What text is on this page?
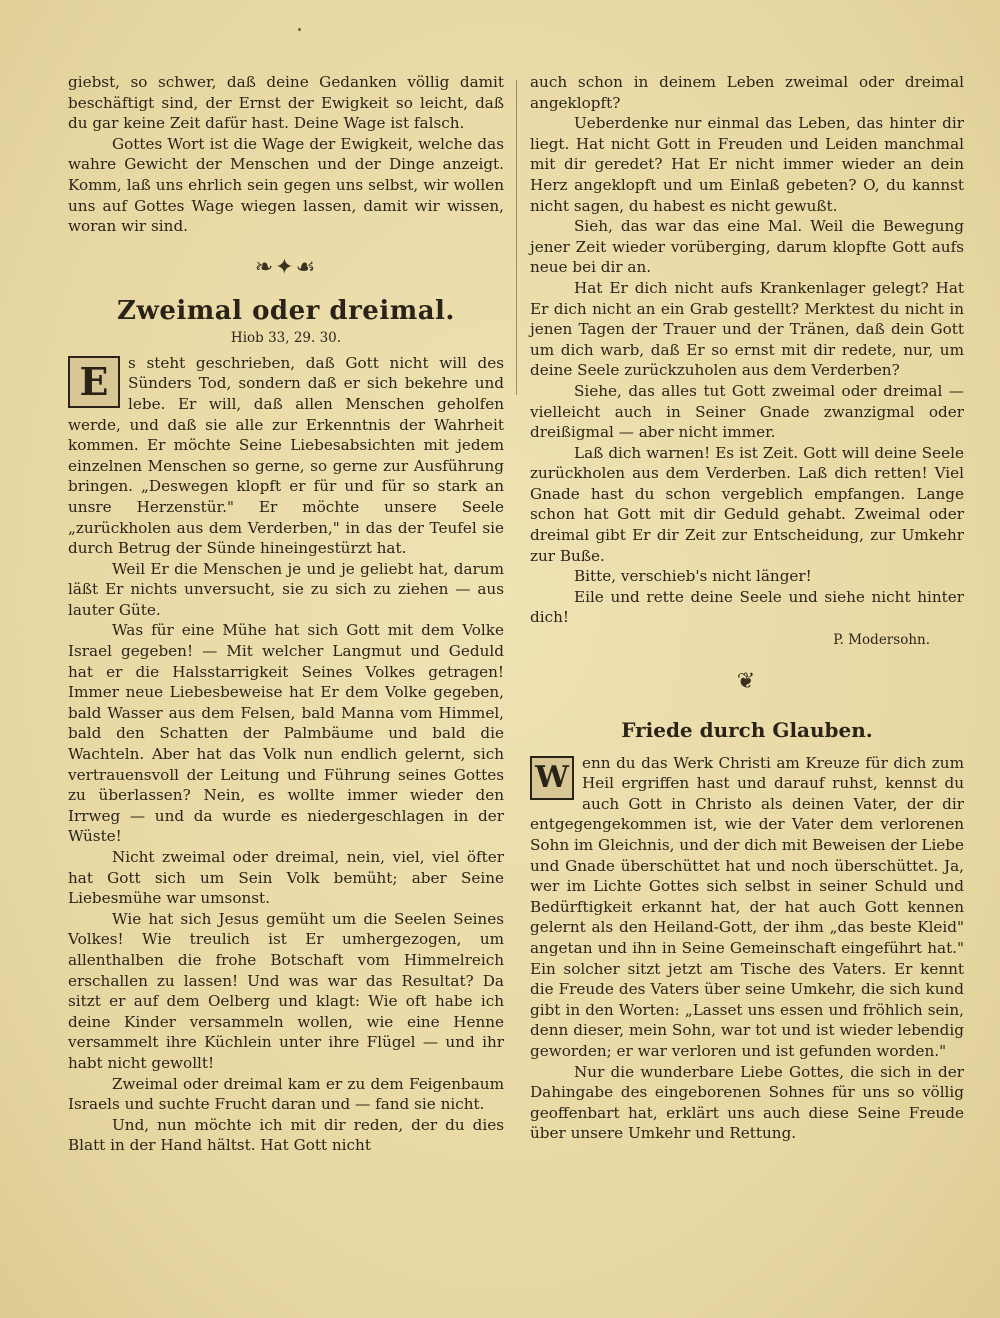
giebst, so schwer, daß deine Gedanken völlig damit beschäftigt sind, der Ernst der Ewigkeit so leicht, daß du gar keine Zeit dafür hast. Deine Wage ist falsch.

Gottes Wort ist die Wage der Ewigkeit, welche das wahre Gewicht der Menschen und der Dinge anzeigt. Komm, laß uns ehrlich sein gegen uns selbst, wir wollen uns auf Gottes Wage wiegen lassen, damit wir wissen, woran wir sind.

❧✦☙
Zweimal oder dreimal.
Hiob 33, 29. 30.

E	s steht geschrieben, daß Gott nicht will des Sünders Tod, sondern daß er sich bekehre und lebe. Er will, daß allen Menschen geholfen werde, und daß sie alle zur Erkenntnis der Wahrheit kommen. Er möchte Seine Liebesabsichten mit jedem einzelnen Menschen so gerne, so gerne zur Ausführung bringen. „Deswegen klopft er für und für so stark an unsre Herzenstür." Er möchte unsere Seele „zurückholen aus dem Verderben," in das der Teufel sie durch Betrug der Sünde hineingestürzt hat.

Weil Er die Menschen je und je geliebt hat, darum läßt Er nichts unversucht, sie zu sich zu ziehen — aus lauter Güte.

Was für eine Mühe hat sich Gott mit dem Volke Israel gegeben! — Mit welcher Langmut und Geduld hat er die Halsstarrigkeit Seines Volkes getragen! Immer neue Liebesbeweise hat Er dem Volke gegeben, bald Wasser aus dem Felsen, bald Manna vom Himmel, bald den Schatten der Palmbäume und bald die Wachteln. Aber hat das Volk nun endlich gelernt, sich vertrauensvoll der Leitung und Führung seines Gottes zu überlassen? Nein, es wollte immer wieder den Irrweg — und da wurde es niedergeschlagen in der Wüste!

Nicht zweimal oder dreimal, nein, viel, viel öfter hat Gott sich um Sein Volk bemüht; aber Seine Liebesmühe war umsonst.

Wie hat sich Jesus gemüht um die Seelen Seines Volkes! Wie treulich ist Er umhergezogen, um allenthalben die frohe Botschaft vom Himmelreich erschallen zu lassen! Und was war das Resultat? Da sitzt er auf dem Oelberg und klagt: Wie oft habe ich deine Kinder versammeln wollen, wie eine Henne versammelt ihre Küchlein unter ihre Flügel — und ihr habt nicht gewollt!

Zweimal oder dreimal kam er zu dem Feigenbaum Israels und suchte Frucht daran und — fand sie nicht.

Und, nun möchte ich mit dir reden, der du dies Blatt in der Hand hältst. Hat Gott nicht

auch schon in deinem Leben zweimal oder dreimal angeklopft?

Ueberdenke nur einmal das Leben, das hinter dir liegt. Hat nicht Gott in Freuden und Leiden manchmal mit dir geredet? Hat Er nicht immer wieder an dein Herz angeklopft und um Einlaß gebeten? O, du kannst nicht sagen, du habest es nicht gewußt.

Sieh, das war das eine Mal. Weil die Bewegung jener Zeit wieder vorüberging, darum klopfte Gott aufs neue bei dir an.

Hat Er dich nicht aufs Krankenlager gelegt? Hat Er dich nicht an ein Grab gestellt? Merktest du nicht in jenen Tagen der Trauer und der Tränen, daß dein Gott um dich warb, daß Er so ernst mit dir redete, nur, um deine Seele zurückzuholen aus dem Verderben?

Siehe, das alles tut Gott zweimal oder dreimal — vielleicht auch in Seiner Gnade zwanzigmal oder dreißigmal — aber nicht immer.

Laß dich warnen! Es ist Zeit. Gott will deine Seele zurückholen aus dem Verderben. Laß dich retten! Viel Gnade hast du schon vergeblich empfangen. Lange schon hat Gott mit dir Geduld gehabt. Zweimal oder dreimal gibt Er dir Zeit zur Entscheidung, zur Umkehr zur Buße.

Bitte, verschieb's nicht länger!

Eile und rette deine Seele und siehe nicht hinter dich!

P. Modersohn.
❦
Friede durch Glauben.

W enn du das Werk Christi am Kreuze für dich zum Heil ergriffen hast und darauf ruhst, kennst du auch Gott in Christo als deinen Vater, der dir entgegengekommen ist, wie der Vater dem verlorenen Sohn im Gleichnis, und der dich mit Beweisen der Liebe und Gnade überschüttet hat und noch überschüttet. Ja, wer im Lichte Gottes sich selbst in seiner Schuld und Bedürftigkeit erkannt hat, der hat auch Gott kennen gelernt als den Heiland-Gott, der ihm „das beste Kleid" angetan und ihn in Seine Gemeinschaft eingeführt hat." Ein solcher sitzt jetzt am Tische des Vaters. Er kennt die Freude des Vaters über seine Umkehr, die sich kund gibt in den Worten: „Lasset uns essen und fröhlich sein, denn dieser, mein Sohn, war tot und ist wieder lebendig geworden; er war verloren und ist gefunden worden."

Nur die wunderbare Liebe Gottes, die sich in der Dahingabe des eingeborenen Sohnes für uns so völlig geoffenbart hat, erklärt uns auch diese Seine Freude über unsere Umkehr und Rettung.
